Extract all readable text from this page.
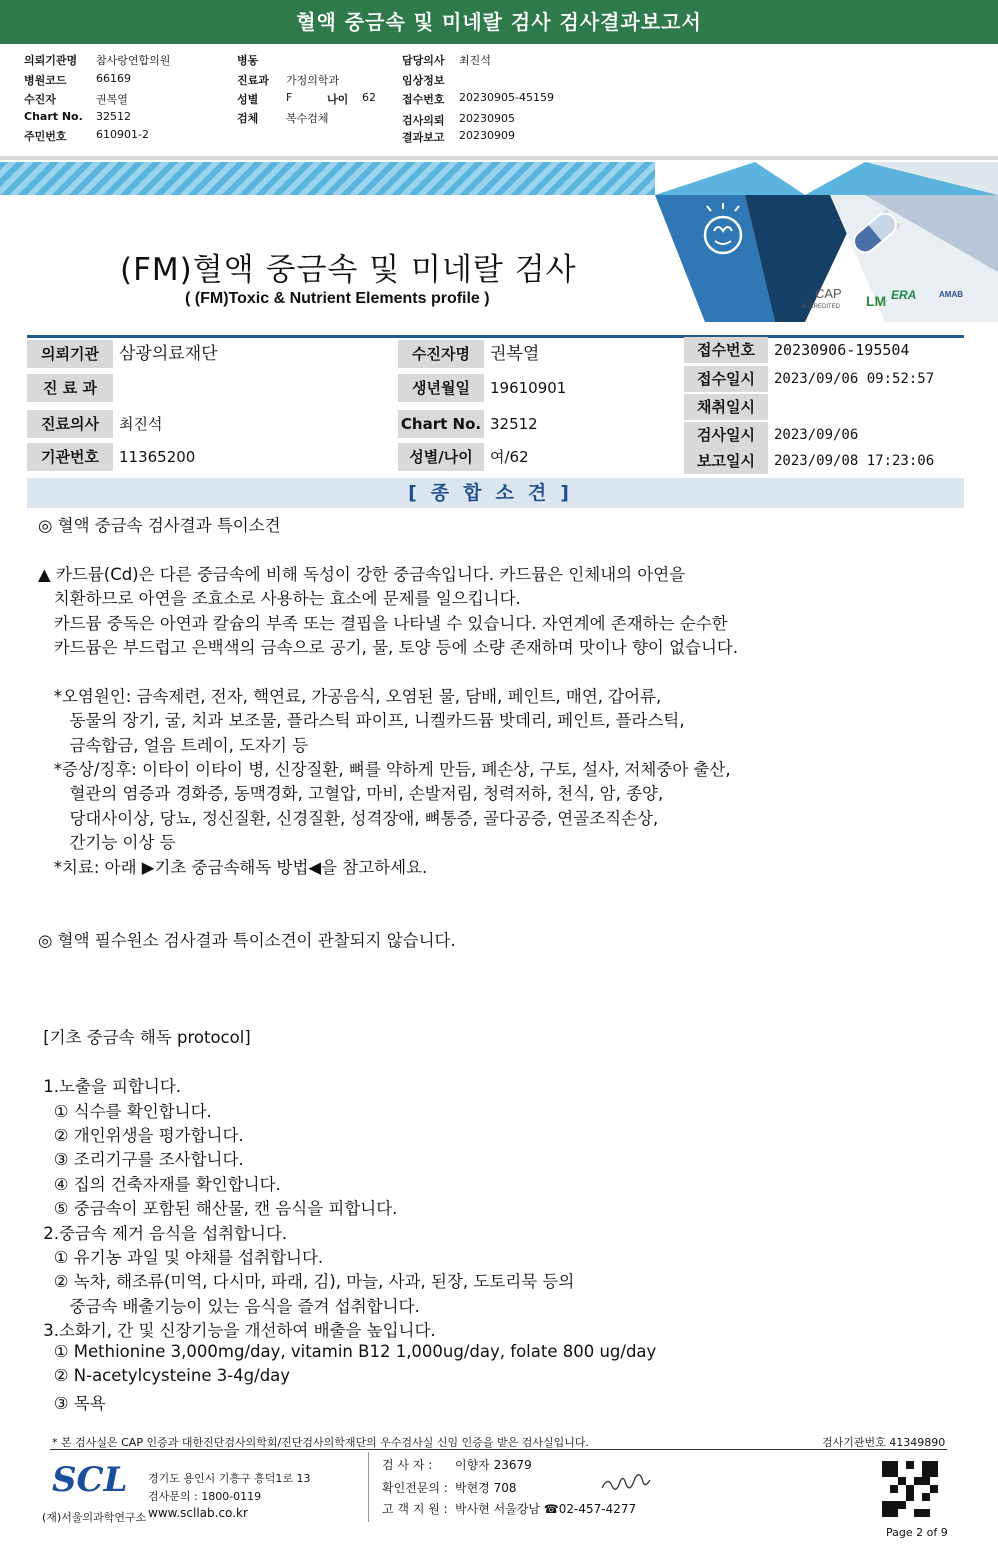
혈액 중금속 및 미네랄 검사 검사결과보고서
의뢰기관명 참사랑연합의원
병원코드	66169
수진자	권복열
Chart No. 32512
주민번호	610901-2
병동
진료과 가정의학과
성별	F	나이 62
검체	복수검체
담당의사 최진석
임상정보
접수번호 20230905-45159
검사의뢰 20230905
결과보고 20230909
CAP
ACCREDITED LM ERA	AMAB
(FM)혈액 중금속 및 미네랄 검사
( (FM)Toxic & Nutrient Elements profile )
의뢰기관	삼광의료재단
진 료 과
진료의사	최진석
기관번호	11365200
수진자명	권복열
생년월일	19610901
Chart No. 32512
성별/나이	여/62
접수번호	20230906-195504
접수일시	2023/09/06 09:52:57
채취일시
검사일시	2023/09/06
보고일시	2023/09/08 17:23:06
[종합소견]
◎ 혈액 중금속 검사결과 특이소견
▲ 카드뮴(Cd)은 다른 중금속에 비해 독성이 강한 중금속입니다. 카드뮴은 인체내의 아연을
치환하므로 아연을 조효소로 사용하는 효소에 문제를 일으킵니다.
카드뮴 중독은 아연과 칼슘의 부족 또는 결핍을 나타낼 수 있습니다. 자연계에 존재하는 순수한
카드뮴은 부드럽고 은백색의 금속으로 공기, 물, 토양 등에 소량 존재하며 맛이나 향이 없습니다.
*오염원인: 금속제련, 전자, 핵연료, 가공음식, 오염된 물, 담배, 페인트, 매연, 갑어류,
동물의 장기, 굴, 치과 보조물, 플라스틱 파이프, 니켈카드뮴 밧데리, 페인트, 플라스틱,
금속합금, 얼음 트레이, 도자기 등
*증상/징후: 이타이 이타이 병, 신장질환, 뼈를 약하게 만듬, 폐손상, 구토, 설사, 저체중아 출산,
혈관의 염증과 경화증, 동맥경화, 고혈압, 마비, 손발저림, 청력저하, 천식, 암, 종양,
당대사이상, 당뇨, 정신질환, 신경질환, 성격장애, 뼈통증, 골다공증, 연골조직손상,
간기능 이상 등
*치료: 아래 ▶기초 중금속해독 방법◀을 참고하세요.
◎ 혈액 필수원소 검사결과 특이소견이 관찰되지 않습니다.
[기초 중금속 해독 protocol]
1.노출을 피합니다.
① 식수를 확인합니다.
② 개인위생을 평가합니다.
③ 조리기구를 조사합니다.
④ 집의 건축자재를 확인합니다.
⑤ 중금속이 포함된 해산물, 캔 음식을 피합니다.
2.중금속 제거 음식을 섭취합니다.
① 유기농 과일 및 야채를 섭취합니다.
② 녹차, 해조류(미역, 다시마, 파래, 김), 마늘, 사과, 된장, 도토리묵 등의
중금속 배출기능이 있는 음식을 즐겨 섭취합니다.
3.소화기, 간 및 신장기능을 개선하여 배출을 높입니다.
① Methionine 3,000mg/day, vitamin B12 1,000ug/day, folate 800 ug/day
② N-acetylcysteine 3-4g/day
③ 목욕
* 본 검사실은 CAP 인증과 대한진단검사의학회/진단검사의학재단의 우수검사실 신임 인증을 받은 검사실입니다.	검사기관번호 41349890
SCL
(재)서울의과학연구소
경기도 용인시 기흥구 흥덕1로 13
검사문의 : 1800-0119
www.scllab.co.kr
검 사 자 : 이향자 23679
확인전문의 : 박현경 708
고 객 지 원 : 박사현 서울강남 ☎02-457-4277
Page 2 of 9
